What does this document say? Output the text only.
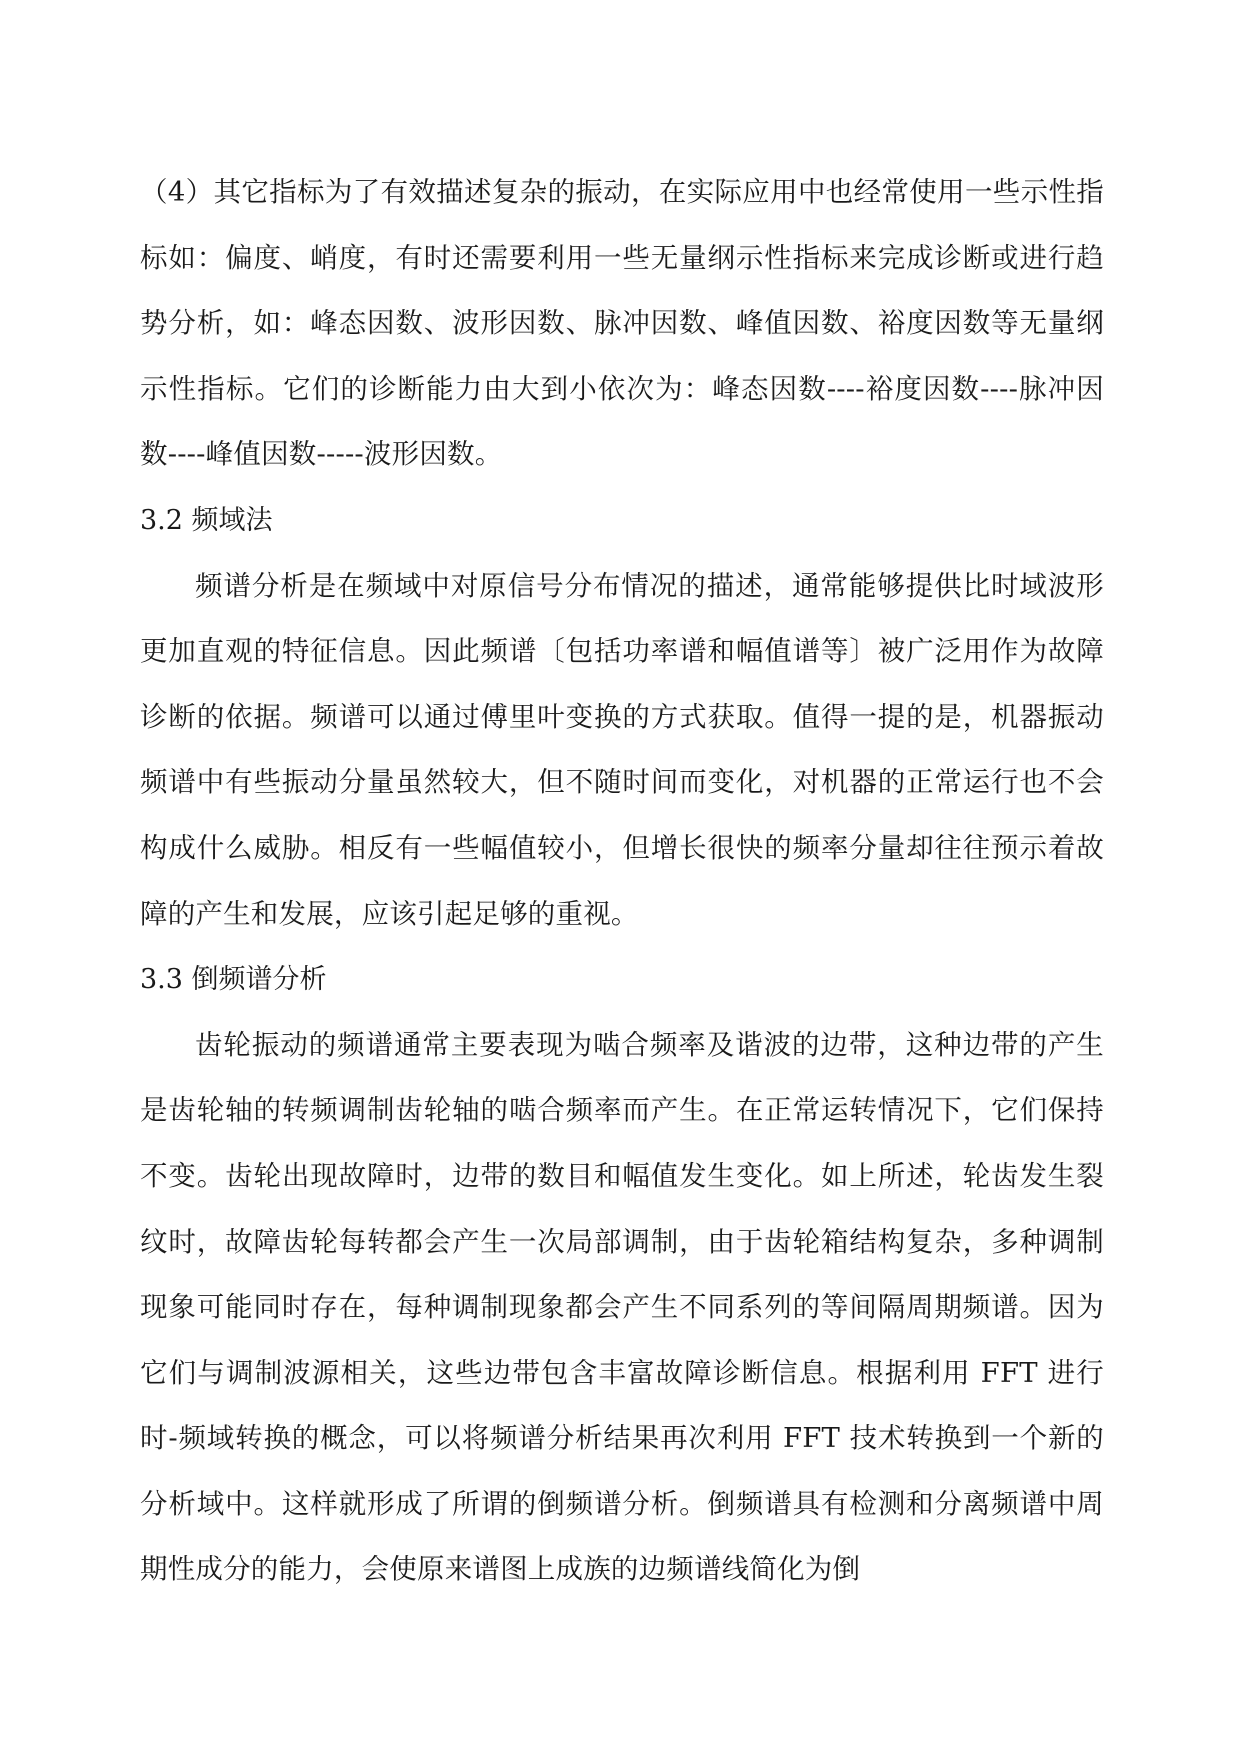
（4）其它指标为了有效描述复杂的振动，在实际应用中也经常使用一些示性指标如：偏度、峭度，有时还需要利用一些无量纲示性指标来完成诊断或进行趋势分析，如：峰态因数、波形因数、脉冲因数、峰值因数、裕度因数等无量纲示性指标。它们的诊断能力由大到小依次为：峰态因数----裕度因数----脉冲因数----峰值因数-----波形因数。

3.2 频域法

频谱分析是在频域中对原信号分布情况的描述，通常能够提供比时域波形更加直观的特征信息。因此频谱〔包括功率谱和幅值谱等〕被广泛用作为故障诊断的依据。频谱可以通过傅里叶变换的方式获取。值得一提的是，机器振动频谱中有些振动分量虽然较大，但不随时间而变化，对机器的正常运行也不会构成什么威胁。相反有一些幅值较小，但增长很快的频率分量却往往预示着故障的产生和发展，应该引起足够的重视。

3.3 倒频谱分析

齿轮振动的频谱通常主要表现为啮合频率及谐波的边带，这种边带的产生是齿轮轴的转频调制齿轮轴的啮合频率而产生。在正常运转情况下，它们保持不变。齿轮出现故障时，边带的数目和幅值发生变化。如上所述，轮齿发生裂纹时，故障齿轮每转都会产生一次局部调制，由于齿轮箱结构复杂，多种调制现象可能同时存在，每种调制现象都会产生不同系列的等间隔周期频谱。因为它们与调制波源相关，这些边带包含丰富故障诊断信息。根据利用 FFT 进行时-频域转换的概念，可以将频谱分析结果再次利用 FFT 技术转换到一个新的分析域中。这样就形成了所谓的倒频谱分析。倒频谱具有检测和分离频谱中周期性成分的能力，会使原来谱图上成族的边频谱线简化为倒
